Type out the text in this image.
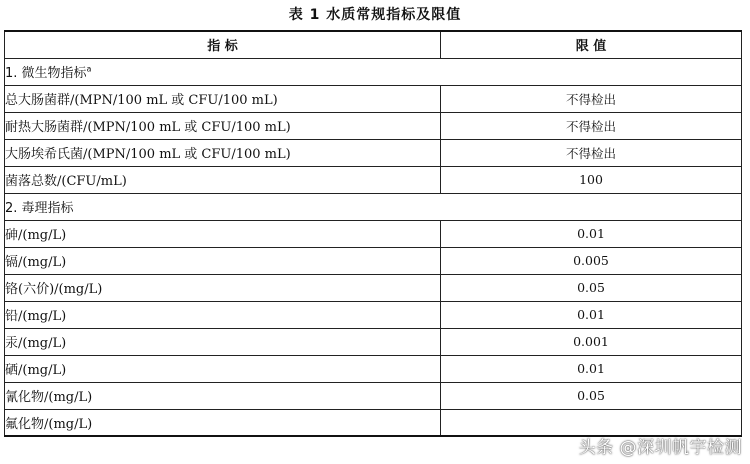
表 1 水质常规指标及限值
指 标	限 值
1. 微生物指标$^a$
总大肠菌群/(MPN/100 mL 或 CFU/100 mL)	不得检出
耐热大肠菌群/(MPN/100 mL 或 CFU/100 mL)	不得检出
大肠埃希氏菌/(MPN/100 mL 或 CFU/100 mL)	不得检出
菌落总数/(CFU/mL)	100
2. 毒理指标	
砷/(mg/L)	0.01
镉/(mg/L)	0.005
铬(六价)/(mg/L)	0.05
铅/(mg/L)	0.01
汞/(mg/L)	0.001
硒/(mg/L)	0.01
氰化物/(mg/L)	0.05
氟化物/(mg/L)	
头条 @深圳帆宇检测
